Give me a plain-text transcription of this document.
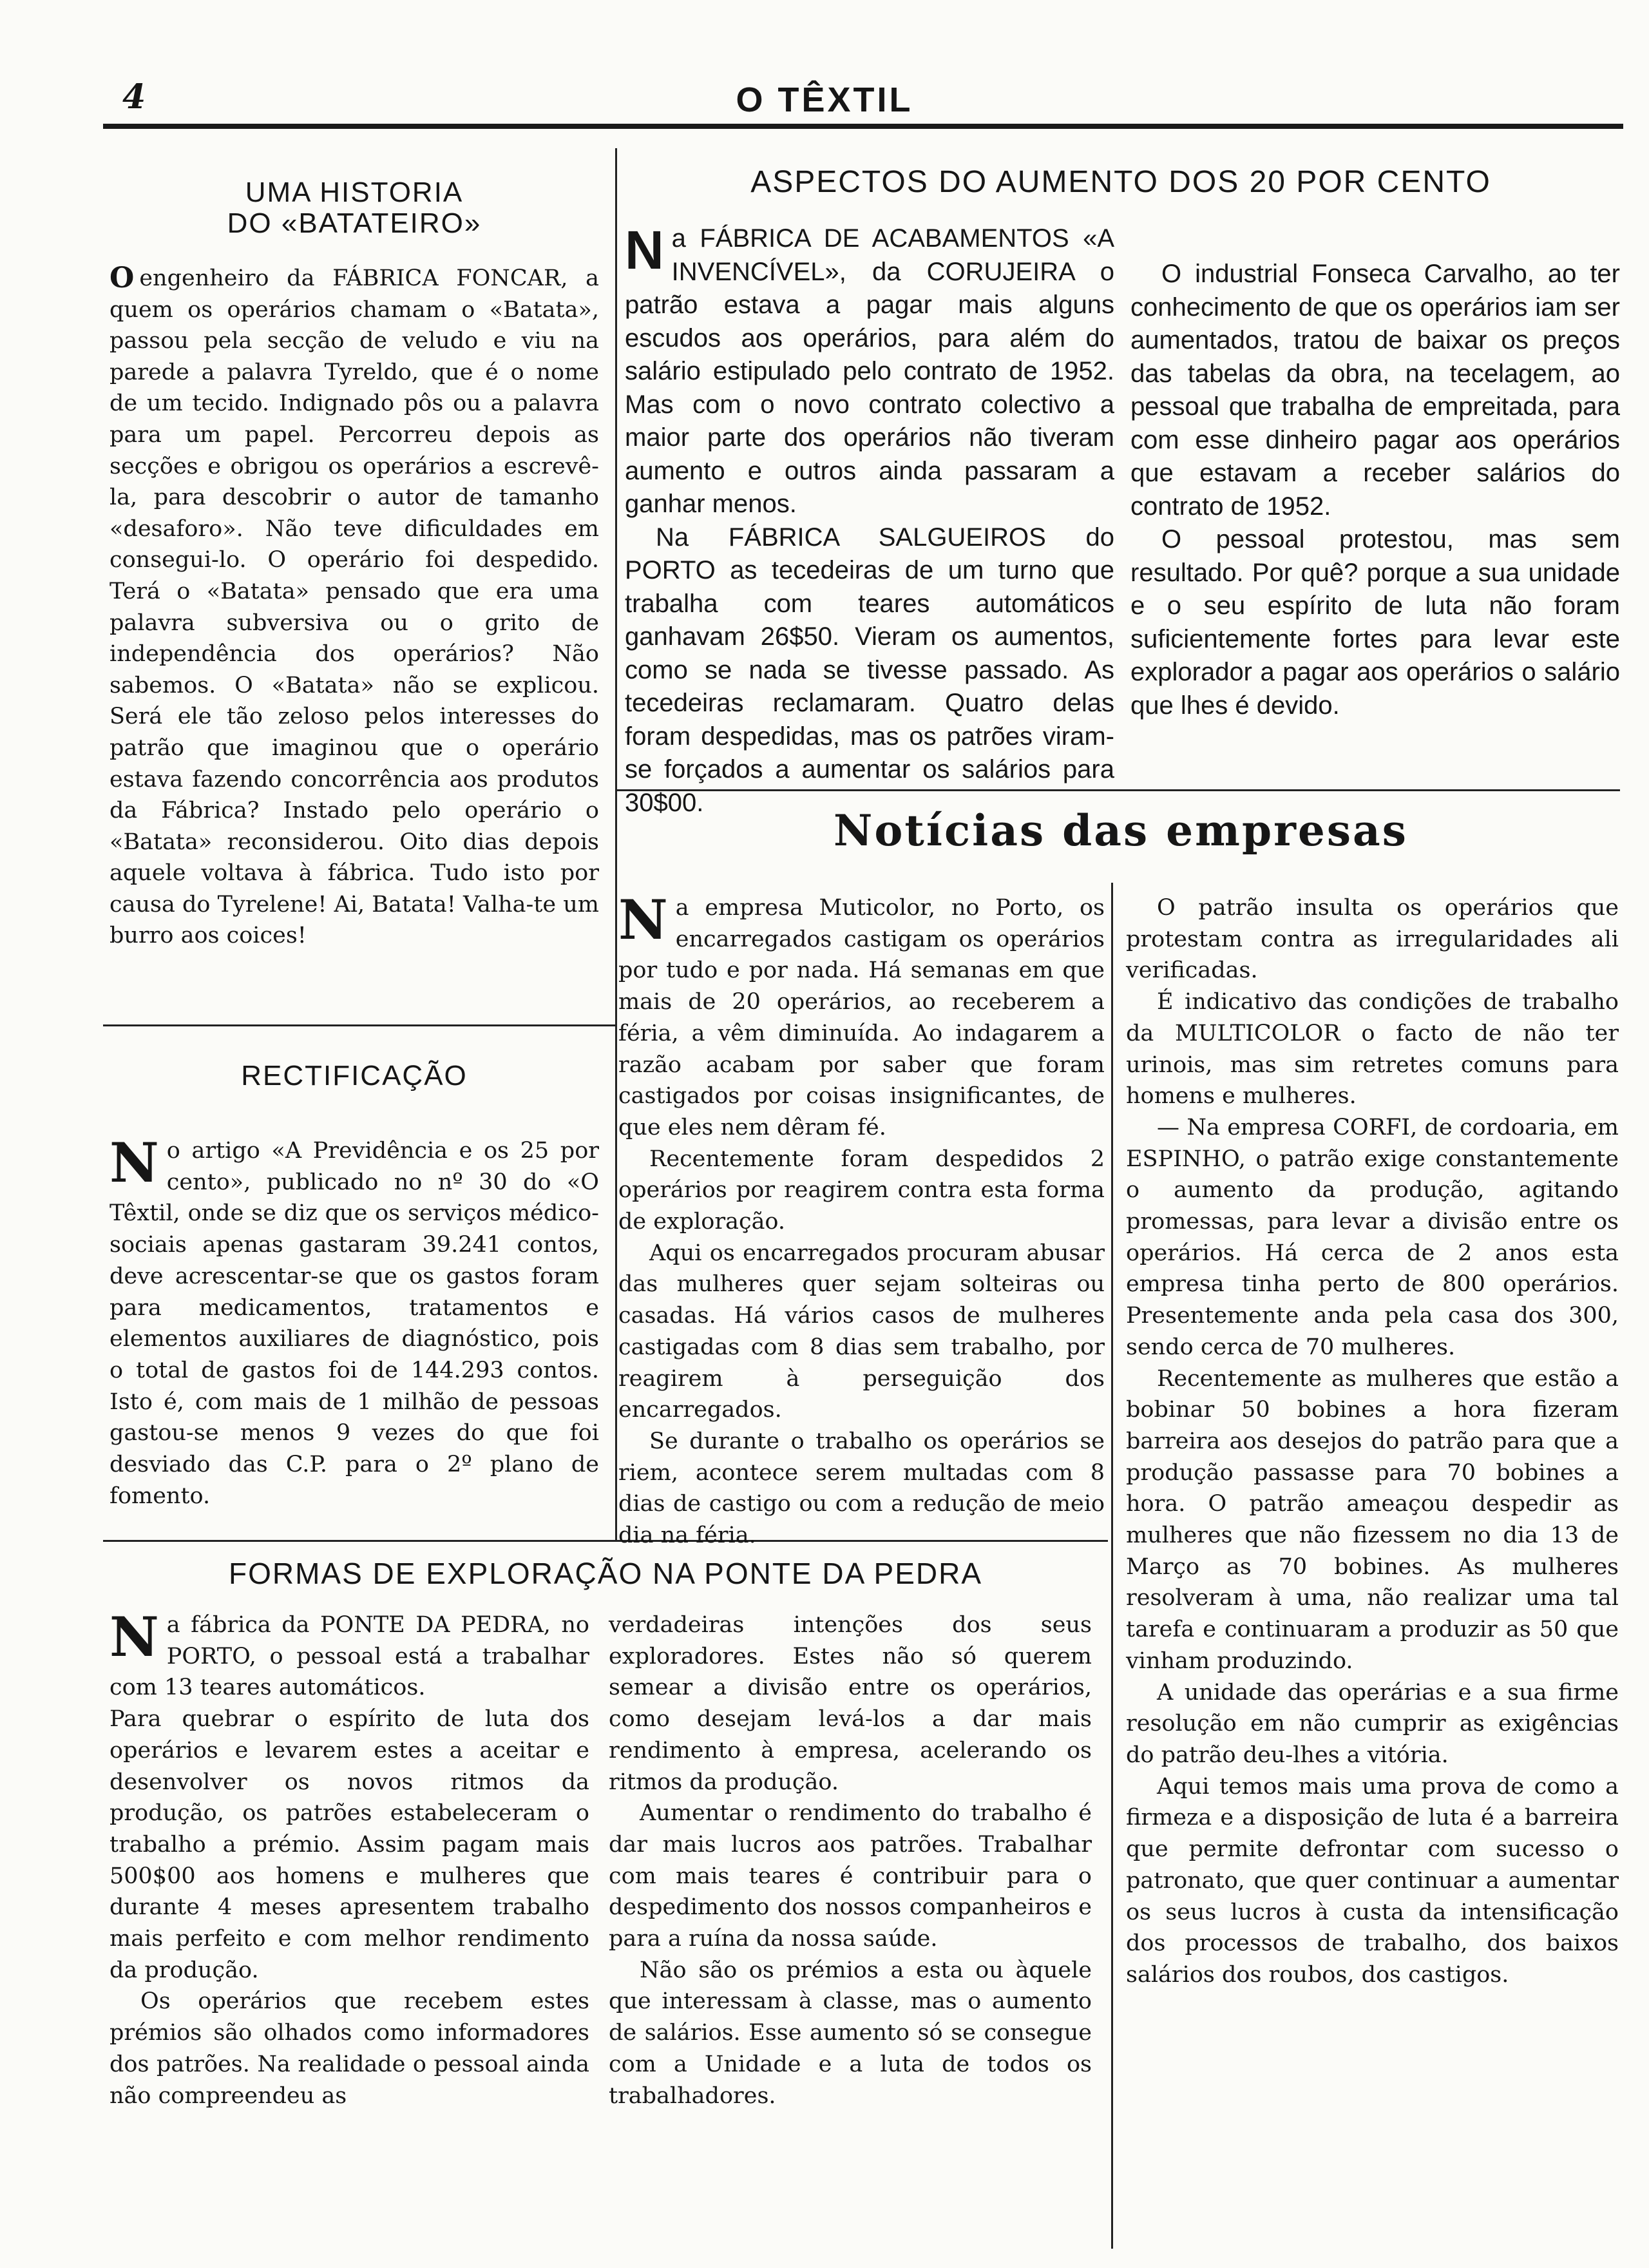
4	O TÊXTIL
UMA HISTORIA
DO «BATATEIRO»

O engenheiro da FÁBRICA FONCAR, a quem os operários chamam o «Batata», passou pela secção de veludo e viu na parede a palavra Tyreldo, que é o nome de um tecido. Indignado pôs ou a palavra para um papel. Percorreu depois as secções e obrigou os operários a escrevê-la, para descobrir o autor de tamanho «desaforo». Não teve dificuldades em consegui-lo. O operário foi despedido. Terá o «Batata» pensado que era uma palavra subversiva ou o grito de independência dos operários? Não sabemos. O «Batata» não se explicou. Será ele tão zeloso pelos interesses do patrão que imaginou que o operário estava fazendo concorrência aos produtos da Fábrica? Instado pelo operário o «Batata» reconsiderou. Oito dias depois aquele voltava à fábrica. Tudo isto por causa do Tyrelene! Ai, Batata! Valha-te um burro aos coices!

RECTIFICAÇÃO

No artigo «A Previdência e os 25 por cento», publicado no nº 30 do «O Têxtil, onde se diz que os serviços médico-sociais apenas gastaram 39.241 contos, deve acrescentar-se que os gastos foram para medicamentos, tratamentos e elementos auxiliares de diagnóstico, pois o total de gastos foi de 144.293 contos. Isto é, com mais de 1 milhão de pessoas gastou-se menos 9 vezes do que foi desviado das C.P. para o 2º plano de fomento.

ASPECTOS DO AUMENTO DOS 20 POR CENTO

Na FÁBRICA DE ACABAMENTOS «A INVENCÍVEL», da CORUJEIRA o patrão estava a pagar mais alguns escudos aos operários, para além do salário estipulado pelo contrato de 1952. Mas com o novo contrato colectivo a maior parte dos operários não tiveram aumento e outros ainda passaram a ganhar menos.

Na FÁBRICA SALGUEIROS do PORTO as tecedeiras de um turno que trabalha com teares automáticos ganhavam 26$50. Vieram os aumentos, como se nada se tivesse passado. As tecedeiras reclamaram. Quatro delas foram despedidas, mas os patrões viram-se forçados a aumentar os salários para 30$00.

O industrial Fonseca Carvalho, ao ter conhecimento de que os operários iam ser aumentados, tratou de baixar os preços das tabelas da obra, na tecelagem, ao pessoal que trabalha de empreitada, para com esse dinheiro pagar aos operários que estavam a receber salários do contrato de 1952.

O pessoal protestou, mas sem resultado. Por quê? porque a sua unidade e o seu espírito de luta não foram suficientemente fortes para levar este explorador a pagar aos operários o salário que lhes é devido.

Notícias das empresas

Na empresa Muticolor, no Porto, os encarregados castigam os operários por tudo e por nada. Há semanas em que mais de 20 operários, ao receberem a féria, a vêm diminuída. Ao indagarem a razão acabam por saber que foram castigados por coisas insignificantes, de que eles nem dêram fé.

Recentemente foram despedidos 2 operários por reagirem contra esta forma de exploração.

Aqui os encarregados procuram abusar das mulheres quer sejam solteiras ou casadas. Há vários casos de mulheres castigadas com 8 dias sem trabalho, por reagirem à perseguição dos encarregados.

Se durante o trabalho os operários se riem, acontece serem multadas com 8 dias de castigo ou com a redução de meio dia na féria.

O patrão insulta os operários que protestam contra as irregularidades ali verificadas.

É indicativo das condições de trabalho da MULTICOLOR o facto de não ter urinois, mas sim retretes comuns para homens e mulheres.

— Na empresa CORFI, de cordoaria, em ESPINHO, o patrão exige constantemente o aumento da produção, agitando promessas, para levar a divisão entre os operários. Há cerca de 2 anos esta empresa tinha perto de 800 operários. Presentemente anda pela casa dos 300, sendo cerca de 70 mulheres.

Recentemente as mulheres que estão a bobinar 50 bobines a hora fizeram barreira aos desejos do patrão para que a produção passasse para 70 bobines a hora. O patrão ameaçou despedir as mulheres que não fizessem no dia 13 de Março as 70 bobines. As mulheres resolveram à uma, não realizar uma tal tarefa e continuaram a produzir as 50 que vinham produzindo.

A unidade das operárias e a sua firme resolução em não cumprir as exigências do patrão deu-lhes a vitória.

Aqui temos mais uma prova de como a firmeza e a disposição de luta é a barreira que permite defrontar com sucesso o patronato, que quer continuar a aumentar os seus lucros à custa da intensificação dos processos de trabalho, dos baixos salários dos roubos, dos castigos.

FORMAS DE EXPLORAÇÃO NA PONTE DA PEDRA

Na fábrica da PONTE DA PEDRA, no PORTO, o pessoal está a trabalhar com 13 teares automáticos.

Para quebrar o espírito de luta dos operários e levarem estes a aceitar e desenvolver os novos ritmos da produção, os patrões estabeleceram o trabalho a prémio. Assim pagam mais 500$00 aos homens e mulheres que durante 4 meses apresentem trabalho mais perfeito e com melhor rendimento da produção.

Os operários que recebem estes prémios são olhados como informadores dos patrões. Na realidade o pessoal ainda não compreendeu as

verdadeiras intenções dos seus exploradores. Estes não só querem semear a divisão entre os operários, como desejam levá-los a dar mais rendimento à empresa, acelerando os ritmos da produção.

Aumentar o rendimento do trabalho é dar mais lucros aos patrões. Trabalhar com mais teares é contribuir para o despedimento dos nossos companheiros e para a ruína da nossa saúde.

Não são os prémios a esta ou àquele que interessam à classe, mas o aumento de salários. Esse aumento só se consegue com a Unidade e a luta de todos os trabalhadores.
